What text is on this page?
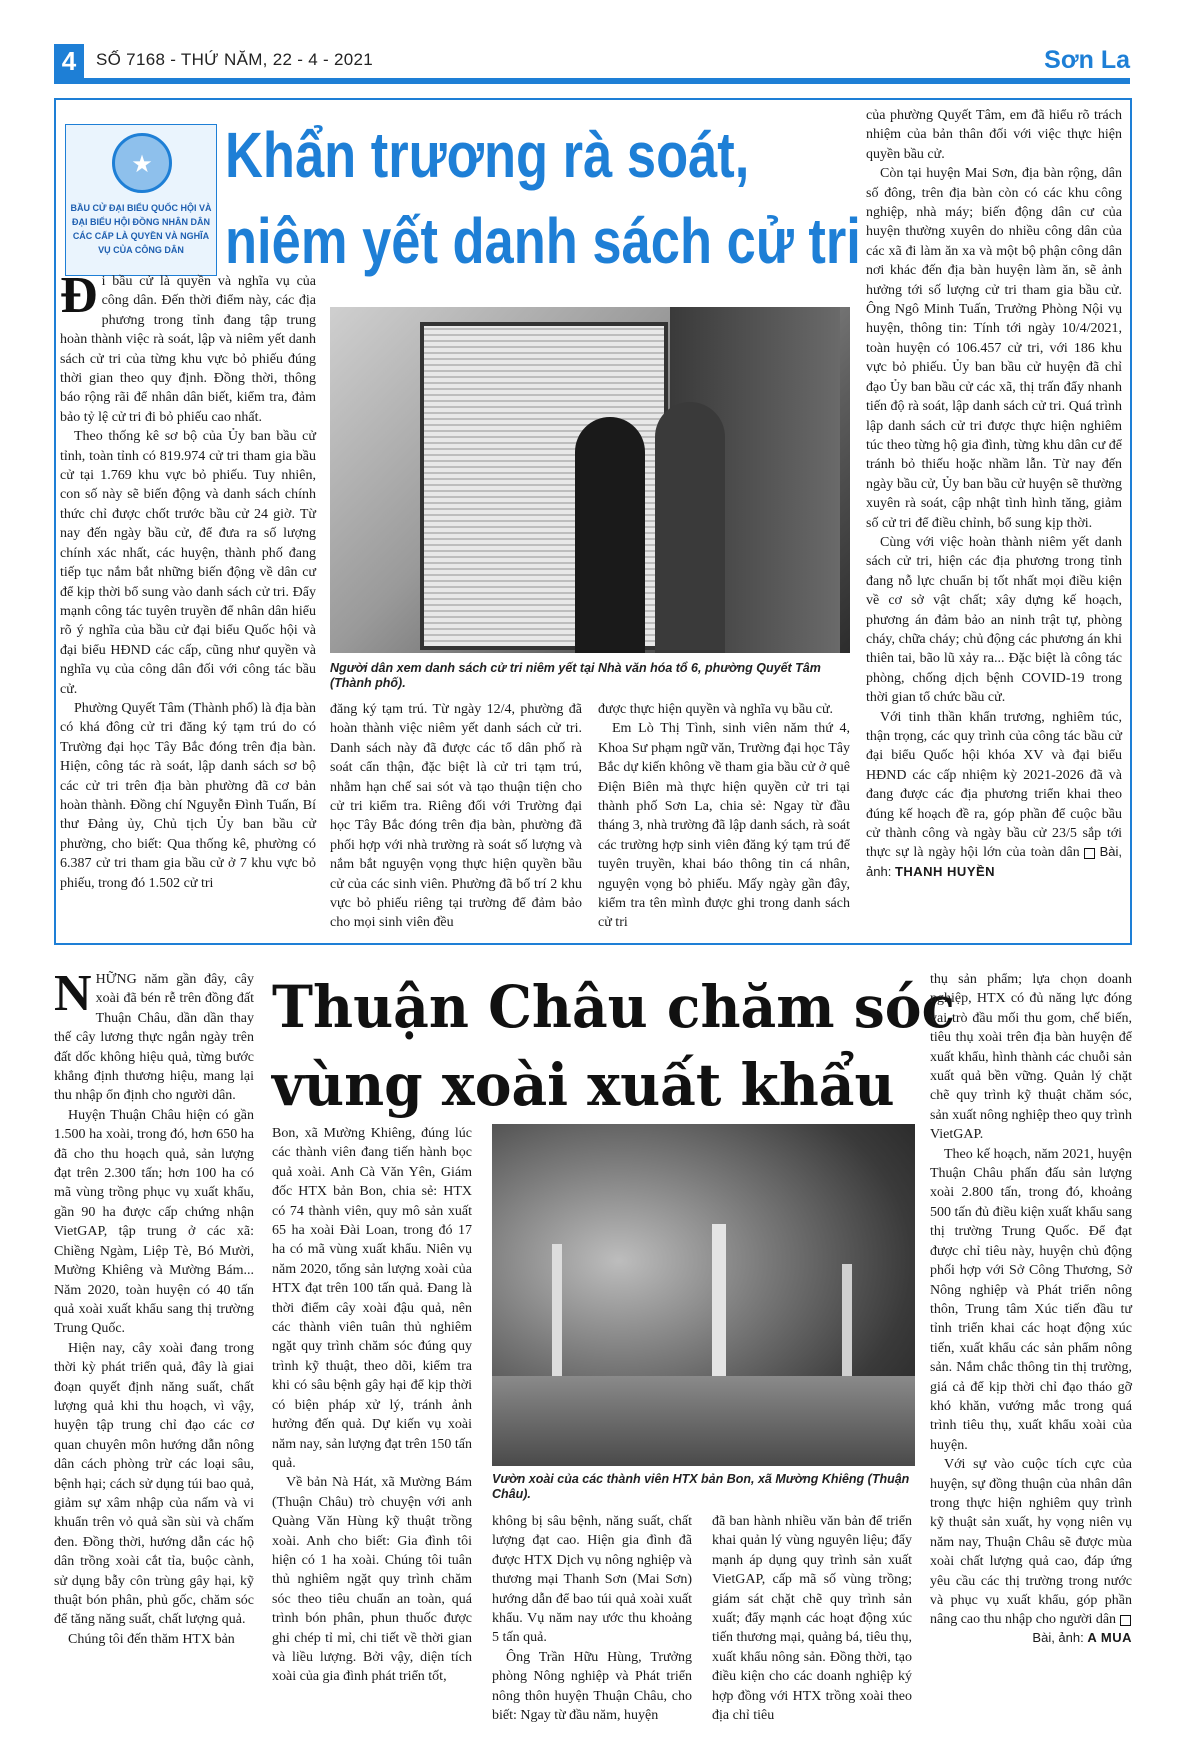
4	SỐ 7168 - THỨ NĂM, 22 - 4 - 2021	Sơn La
★
BẦU CỬ ĐẠI BIỂU QUỐC HỘI VÀ ĐẠI BIỂU HỘI ĐỒNG NHÂN DÂN CÁC CẤP LÀ QUYỀN VÀ NGHĨA VỤ CỦA CÔNG DÂN
Khẩn trương rà soát,
niêm yết danh sách cử tri

Đi bầu cử là quyền và nghĩa vụ của công dân. Đến thời điểm này, các địa phương trong tỉnh đang tập trung hoàn thành việc rà soát, lập và niêm yết danh sách cử tri của từng khu vực bỏ phiếu đúng thời gian theo quy định. Đồng thời, thông báo rộng rãi để nhân dân biết, kiểm tra, đảm bảo tỷ lệ cử tri đi bỏ phiếu cao nhất.

Theo thống kê sơ bộ của Ủy ban bầu cử tỉnh, toàn tỉnh có 819.974 cử tri tham gia bầu cử tại 1.769 khu vực bỏ phiếu. Tuy nhiên, con số này sẽ biến động và danh sách chính thức chỉ được chốt trước bầu cử 24 giờ. Từ nay đến ngày bầu cử, để đưa ra số lượng chính xác nhất, các huyện, thành phố đang tiếp tục nắm bắt những biến động về dân cư để kịp thời bổ sung vào danh sách cử tri. Đẩy mạnh công tác tuyên truyền để nhân dân hiểu rõ ý nghĩa của bầu cử đại biểu Quốc hội và đại biểu HĐND các cấp, cũng như quyền và nghĩa vụ của công dân đối với công tác bầu cử.

Phường Quyết Tâm (Thành phố) là địa bàn có khá đông cử tri đăng ký tạm trú do có Trường đại học Tây Bắc đóng trên địa bàn. Hiện, công tác rà soát, lập danh sách sơ bộ các cử tri trên địa bàn phường đã cơ bản hoàn thành. Đồng chí Nguyễn Đình Tuấn, Bí thư Đảng ủy, Chủ tịch Ủy ban bầu cử phường, cho biết: Qua thống kê, phường có 6.387 cử tri tham gia bầu cử ở 7 khu vực bỏ phiếu, trong đó 1.502 cử tri

Người dân xem danh sách cử tri niêm yết tại Nhà văn hóa tổ 6, phường Quyết Tâm (Thành phố).

đăng ký tạm trú. Từ ngày 12/4, phường đã hoàn thành việc niêm yết danh sách cử tri. Danh sách này đã được các tổ dân phố rà soát cẩn thận, đặc biệt là cử tri tạm trú, nhằm hạn chế sai sót và tạo thuận tiện cho cử tri kiểm tra. Riêng đối với Trường đại học Tây Bắc đóng trên địa bàn, phường đã phối hợp với nhà trường rà soát số lượng và nắm bắt nguyện vọng thực hiện quyền bầu cử của các sinh viên. Phường đã bố trí 2 khu vực bỏ phiếu riêng tại trường để đảm bảo cho mọi sinh viên đều

được thực hiện quyền và nghĩa vụ bầu cử.

Em Lò Thị Tình, sinh viên năm thứ 4, Khoa Sư phạm ngữ văn, Trường đại học Tây Bắc dự kiến không về tham gia bầu cử ở quê Điện Biên mà thực hiện quyền cử tri tại thành phố Sơn La, chia sẻ: Ngay từ đầu tháng 3, nhà trường đã lập danh sách, rà soát các trường hợp sinh viên đăng ký tạm trú để tuyên truyền, khai báo thông tin cá nhân, nguyện vọng bỏ phiếu. Mấy ngày gần đây, kiểm tra tên mình được ghi trong danh sách cử tri

của phường Quyết Tâm, em đã hiểu rõ trách nhiệm của bản thân đối với việc thực hiện quyền bầu cử.

Còn tại huyện Mai Sơn, địa bàn rộng, dân số đông, trên địa bàn còn có các khu công nghiệp, nhà máy; biến động dân cư của huyện thường xuyên do nhiều công dân của các xã đi làm ăn xa và một bộ phận công dân nơi khác đến địa bàn huyện làm ăn, sẽ ảnh hưởng tới số lượng cử tri tham gia bầu cử. Ông Ngô Minh Tuấn, Trưởng Phòng Nội vụ huyện, thông tin: Tính tới ngày 10/4/2021, toàn huyện có 106.457 cử tri, với 186 khu vực bỏ phiếu. Ủy ban bầu cử huyện đã chỉ đạo Ủy ban bầu cử các xã, thị trấn đẩy nhanh tiến độ rà soát, lập danh sách cử tri. Quá trình lập danh sách cử tri được thực hiện nghiêm túc theo từng hộ gia đình, từng khu dân cư để tránh bỏ thiếu hoặc nhầm lẫn. Từ nay đến ngày bầu cử, Ủy ban bầu cử huyện sẽ thường xuyên rà soát, cập nhật tình hình tăng, giảm số cử tri để điều chỉnh, bổ sung kịp thời.

Cùng với việc hoàn thành niêm yết danh sách cử tri, hiện các địa phương trong tỉnh đang nỗ lực chuẩn bị tốt nhất mọi điều kiện về cơ sở vật chất; xây dựng kế hoạch, phương án đảm bảo an ninh trật tự, phòng cháy, chữa cháy; chủ động các phương án khi thiên tai, bão lũ xảy ra... Đặc biệt là công tác phòng, chống dịch bệnh COVID-19 trong thời gian tổ chức bầu cử.

Với tinh thần khẩn trương, nghiêm túc, thận trọng, các quy trình của công tác bầu cử đại biểu Quốc hội khóa XV và đại biểu HĐND các cấp nhiệm kỳ 2021-2026 đã và đang được các địa phương triển khai theo đúng kế hoạch đề ra, góp phần để cuộc bầu cử thành công và ngày bầu cử 23/5 sắp tới thực sự là ngày hội lớn của toàn dân Bài, ảnh: THANH HUYỀN

Thuận Châu chăm sóc
vùng xoài xuất khẩu

NHỮNG năm gần đây, cây xoài đã bén rễ trên đồng đất Thuận Châu, dần dần thay thế cây lương thực ngắn ngày trên đất dốc không hiệu quả, từng bước khẳng định thương hiệu, mang lại thu nhập ổn định cho người dân.

Huyện Thuận Châu hiện có gần 1.500 ha xoài, trong đó, hơn 650 ha đã cho thu hoạch quả, sản lượng đạt trên 2.300 tấn; hơn 100 ha có mã vùng trồng phục vụ xuất khẩu, gần 90 ha được cấp chứng nhận VietGAP, tập trung ở các xã: Chiềng Ngàm, Liệp Tè, Bó Mười, Mường Khiêng và Mường Bám... Năm 2020, toàn huyện có 40 tấn quả xoài xuất khẩu sang thị trường Trung Quốc.

Hiện nay, cây xoài đang trong thời kỳ phát triển quả, đây là giai đoạn quyết định năng suất, chất lượng quả khi thu hoạch, vì vậy, huyện tập trung chỉ đạo các cơ quan chuyên môn hướng dẫn nông dân cách phòng trừ các loại sâu, bệnh hại; cách sử dụng túi bao quả, giảm sự xâm nhập của nấm và vi khuẩn trên vỏ quả sần sùi và chấm đen. Đồng thời, hướng dẫn các hộ dân trồng xoài cắt tỉa, buộc cành, sử dụng bẫy côn trùng gây hại, kỹ thuật bón phân, phủ gốc, chăm sóc để tăng năng suất, chất lượng quả.

Chúng tôi đến thăm HTX bản

Bon, xã Mường Khiêng, đúng lúc các thành viên đang tiến hành bọc quả xoài. Anh Cà Văn Yên, Giám đốc HTX bản Bon, chia sẻ: HTX có 74 thành viên, quy mô sản xuất 65 ha xoài Đài Loan, trong đó 17 ha có mã vùng xuất khẩu. Niên vụ năm 2020, tổng sản lượng xoài của HTX đạt trên 100 tấn quả. Đang là thời điểm cây xoài đậu quả, nên các thành viên tuân thủ nghiêm ngặt quy trình chăm sóc đúng quy trình kỹ thuật, theo dõi, kiểm tra khi có sâu bệnh gây hại để kịp thời có biện pháp xử lý, tránh ảnh hưởng đến quả. Dự kiến vụ xoài năm nay, sản lượng đạt trên 150 tấn quả.

Về bản Nà Hát, xã Mường Bám (Thuận Châu) trò chuyện với anh Quàng Văn Hùng kỹ thuật trồng xoài. Anh cho biết: Gia đình tôi hiện có 1 ha xoài. Chúng tôi tuân thủ nghiêm ngặt quy trình chăm sóc theo tiêu chuẩn an toàn, quá trình bón phân, phun thuốc được ghi chép tỉ mỉ, chi tiết về thời gian và liều lượng. Bởi vậy, diện tích xoài của gia đình phát triển tốt,

Vườn xoài của các thành viên HTX bản Bon, xã Mường Khiêng (Thuận Châu).

không bị sâu bệnh, năng suất, chất lượng đạt cao. Hiện gia đình đã được HTX Dịch vụ nông nghiệp và thương mại Thanh Sơn (Mai Sơn) hướng dẫn để bao túi quả xoài xuất khẩu. Vụ năm nay ước thu khoảng 5 tấn quả.

Ông Trần Hữu Hùng, Trưởng phòng Nông nghiệp và Phát triển nông thôn huyện Thuận Châu, cho biết: Ngay từ đầu năm, huyện

đã ban hành nhiều văn bản để triển khai quản lý vùng nguyên liệu; đẩy mạnh áp dụng quy trình sản xuất VietGAP, cấp mã số vùng trồng; giám sát chặt chẽ quy trình sản xuất; đẩy mạnh các hoạt động xúc tiến thương mại, quảng bá, tiêu thụ, xuất khẩu nông sản. Đồng thời, tạo điều kiện cho các doanh nghiệp ký hợp đồng với HTX trồng xoài theo địa chỉ tiêu

thụ sản phẩm; lựa chọn doanh nghiệp, HTX có đủ năng lực đóng vai trò đầu mối thu gom, chế biến, tiêu thụ xoài trên địa bàn huyện để xuất khẩu, hình thành các chuỗi sản xuất quả bền vững. Quản lý chặt chẽ quy trình kỹ thuật chăm sóc, sản xuất nông nghiệp theo quy trình VietGAP.

Theo kế hoạch, năm 2021, huyện Thuận Châu phấn đấu sản lượng xoài 2.800 tấn, trong đó, khoảng 500 tấn đủ điều kiện xuất khẩu sang thị trường Trung Quốc. Để đạt được chỉ tiêu này, huyện chủ động phối hợp với Sở Công Thương, Sở Nông nghiệp và Phát triển nông thôn, Trung tâm Xúc tiến đầu tư tỉnh triển khai các hoạt động xúc tiến, xuất khẩu các sản phẩm nông sản. Nắm chắc thông tin thị trường, giá cả để kịp thời chỉ đạo tháo gỡ khó khăn, vướng mắc trong quá trình tiêu thụ, xuất khẩu xoài của huyện.

Với sự vào cuộc tích cực của huyện, sự đồng thuận của nhân dân trong thực hiện nghiêm quy trình kỹ thuật sản xuất, hy vọng niên vụ năm nay, Thuận Châu sẽ được mùa xoài chất lượng quả cao, đáp ứng yêu cầu các thị trường trong nước và phục vụ xuất khẩu, góp phần nâng cao thu nhập cho người dân

Bài, ảnh: A MUA
